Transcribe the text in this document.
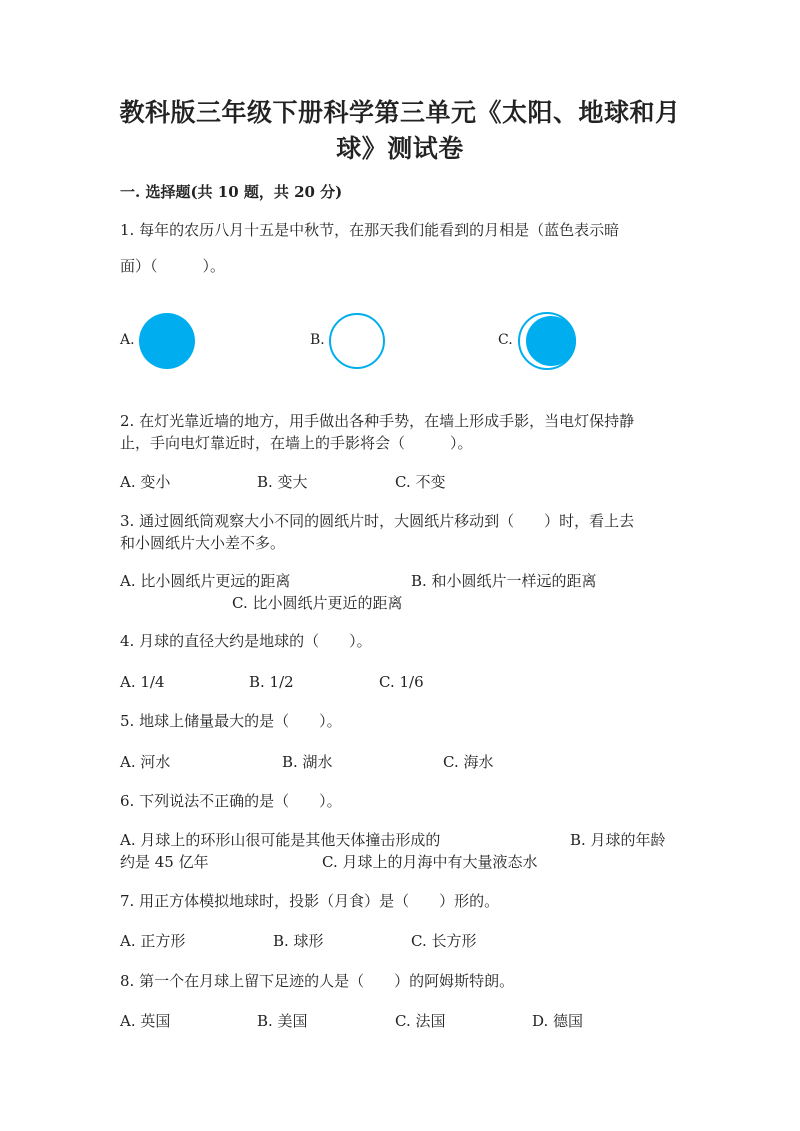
教科版三年级下册科学第三单元《太阳、地球和月
球》测试卷
一. 选择题(共 10 题，共 20 分)
1. 每年的农历八月十五是中秋节，在那天我们能看到的月相是（蓝色表示暗
面）（　　　）。
A.	B.	C.
2. 在灯光靠近墙的地方，用手做出各种手势，在墙上形成手影，当电灯保持静
止，手向电灯靠近时，在墙上的手影将会（　　　）。
A. 变小	B. 变大	C. 不变
3. 通过圆纸筒观察大小不同的圆纸片时，大圆纸片移动到（　　）时，看上去
和小圆纸片大小差不多。
A. 比小圆纸片更远的距离	B. 和小圆纸片一样远的距离
C. 比小圆纸片更近的距离
4. 月球的直径大约是地球的（　　）。
A. 1/4	B. 1/2	C. 1/6
5. 地球上储量最大的是（　　）。
A. 河水	B. 湖水	C. 海水
6. 下列说法不正确的是（　　）。
A. 月球上的环形山很可能是其他天体撞击形成的	B. 月球的年龄
约是 45 亿年	C. 月球上的月海中有大量液态水
7. 用正方体模拟地球时，投影（月食）是（　　）形的。
A. 正方形	B. 球形	C. 长方形
8. 第一个在月球上留下足迹的人是（　　）的阿姆斯特朗。
A. 英国	B. 美国	C. 法国	D. 德国
